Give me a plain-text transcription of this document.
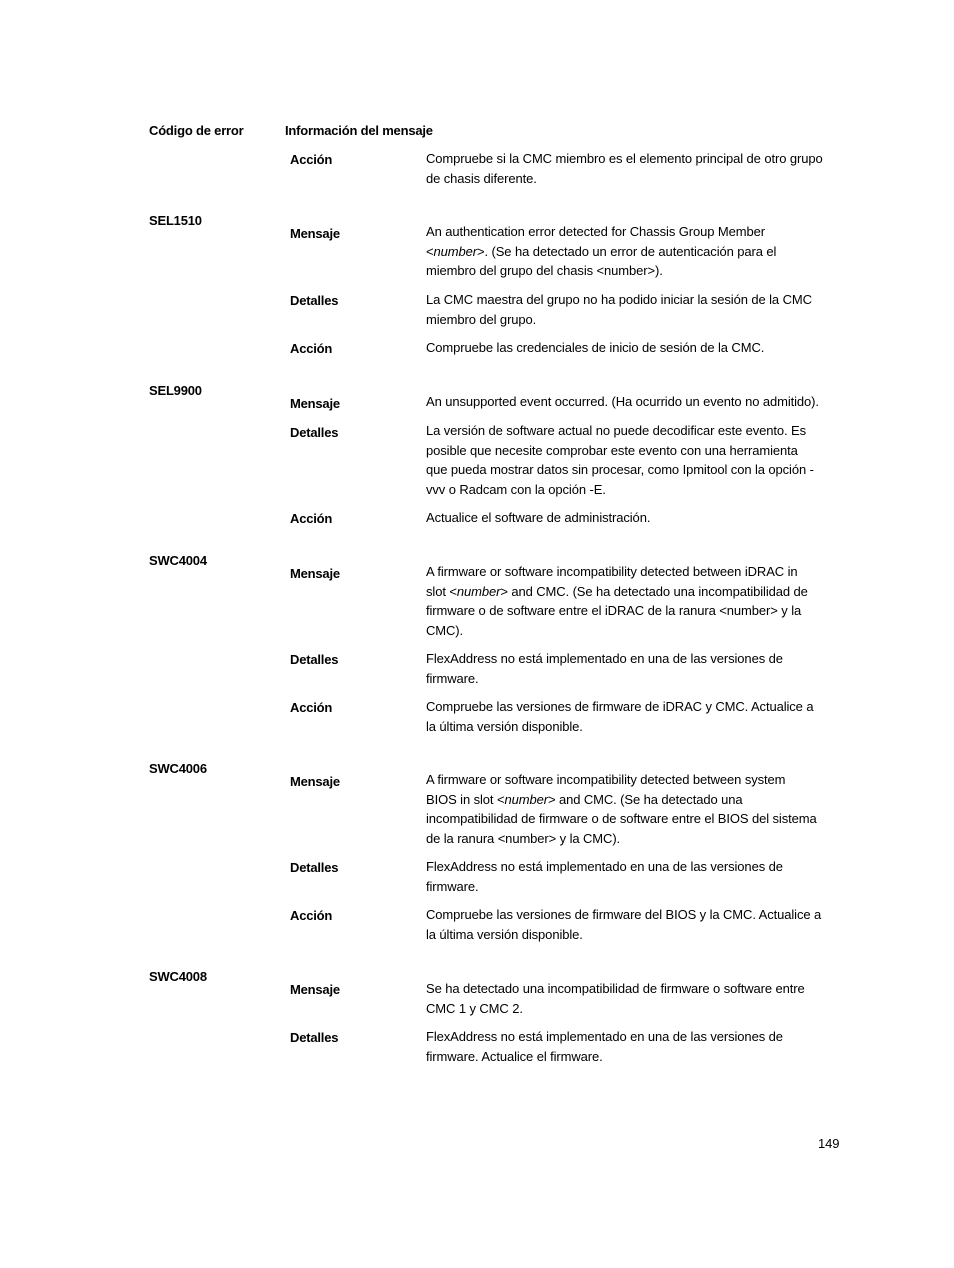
Código de error	Información del mensaje
Acción	Compruebe si la CMC miembro es el elemento principal de otro grupo
de chasis diferente.
SEL1510
Mensaje	An authentication error detected for Chassis Group Member
<number>. (Se ha detectado un error de autenticación para el
miembro del grupo del chasis <number>).
Detalles	La CMC maestra del grupo no ha podido iniciar la sesión de la CMC
miembro del grupo.
Acción	Compruebe las credenciales de inicio de sesión de la CMC.
SEL9900
Mensaje	An unsupported event occurred. (Ha ocurrido un evento no admitido).
Detalles	La versión de software actual no puede decodificar este evento. Es
posible que necesite comprobar este evento con una herramienta
que pueda mostrar datos sin procesar, como Ipmitool con la opción -
vvv o Radcam con la opción -E.
Acción	Actualice el software de administración.
SWC4004
Mensaje	A firmware or software incompatibility detected between iDRAC in
slot <number> and CMC. (Se ha detectado una incompatibilidad de
firmware o de software entre el iDRAC de la ranura <number> y la
CMC).
Detalles	FlexAddress no está implementado en una de las versiones de
firmware.
Acción	Compruebe las versiones de firmware de iDRAC y CMC. Actualice a
la última versión disponible.
SWC4006
Mensaje	A firmware or software incompatibility detected between system
BIOS in slot <number> and CMC. (Se ha detectado una
incompatibilidad de firmware o de software entre el BIOS del sistema
de la ranura <number> y la CMC).
Detalles	FlexAddress no está implementado en una de las versiones de
firmware.
Acción	Compruebe las versiones de firmware del BIOS y la CMC. Actualice a
la última versión disponible.
SWC4008
Mensaje	Se ha detectado una incompatibilidad de firmware o software entre
CMC 1 y CMC 2.
Detalles	FlexAddress no está implementado en una de las versiones de
firmware. Actualice el firmware.
149
